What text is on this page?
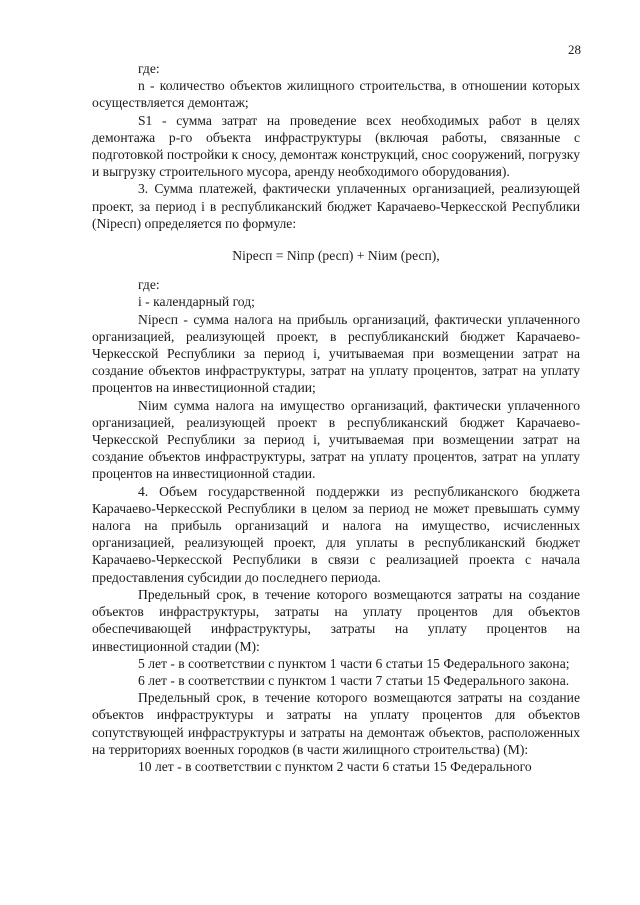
28

где:

n - количество объектов жилищного строительства, в отношении которых осуществляется демонтаж;

S1 - сумма затрат на проведение всех необходимых работ в целях демонтажа p-го объекта инфраструктуры (включая работы, связанные с подготовкой постройки к сносу, демонтаж конструкций, снос сооружений, погрузку и выгрузку строительного мусора, аренду необходимого оборудования).

3. Сумма платежей, фактически уплаченных организацией, реализующей проект, за период i в республиканский бюджет Карачаево-Черкесской Республики (Niресп) определяется по формуле:

Niресп = Niпр (респ) + Niим (респ),

где:

i - календарный год;

Niресп - сумма налога на прибыль организаций, фактически уплаченного организацией, реализующей проект, в республиканский бюджет Карачаево-Черкесской Республики за период i, учитываемая при возмещении затрат на создание объектов инфраструктуры, затрат на уплату процентов, затрат на уплату процентов на инвестиционной стадии;

Niим сумма налога на имущество организаций, фактически уплаченного организацией, реализующей проект в республиканский бюджет Карачаево-Черкесской Республики за период i, учитываемая при возмещении затрат на создание объектов инфраструктуры, затрат на уплату процентов, затрат на уплату процентов на инвестиционной стадии.

4. Объем государственной поддержки из республиканского бюджета Карачаево-Черкесской Республики в целом за период не может превышать сумму налога на прибыль организаций и налога на имущество, исчисленных организацией, реализующей проект, для уплаты в республиканский бюджет Карачаево-Черкесской Республики в связи с реализацией проекта с начала предоставления субсидии до последнего периода.

Предельный срок, в течение которого возмещаются затраты на создание объектов инфраструктуры, затраты на уплату процентов для объектов обеспечивающей инфраструктуры, затраты на уплату процентов на инвестиционной стадии (М):

5 лет - в соответствии с пунктом 1 части 6 статьи 15 Федерального закона;

6 лет - в соответствии с пунктом 1 части 7 статьи 15 Федерального закона.

Предельный срок, в течение которого возмещаются затраты на создание объектов инфраструктуры и затраты на уплату процентов для объектов сопутствующей инфраструктуры и затраты на демонтаж объектов, расположенных на территориях военных городков (в части жилищного строительства) (М):

10 лет - в соответствии с пунктом 2 части 6 статьи 15 Федерального
